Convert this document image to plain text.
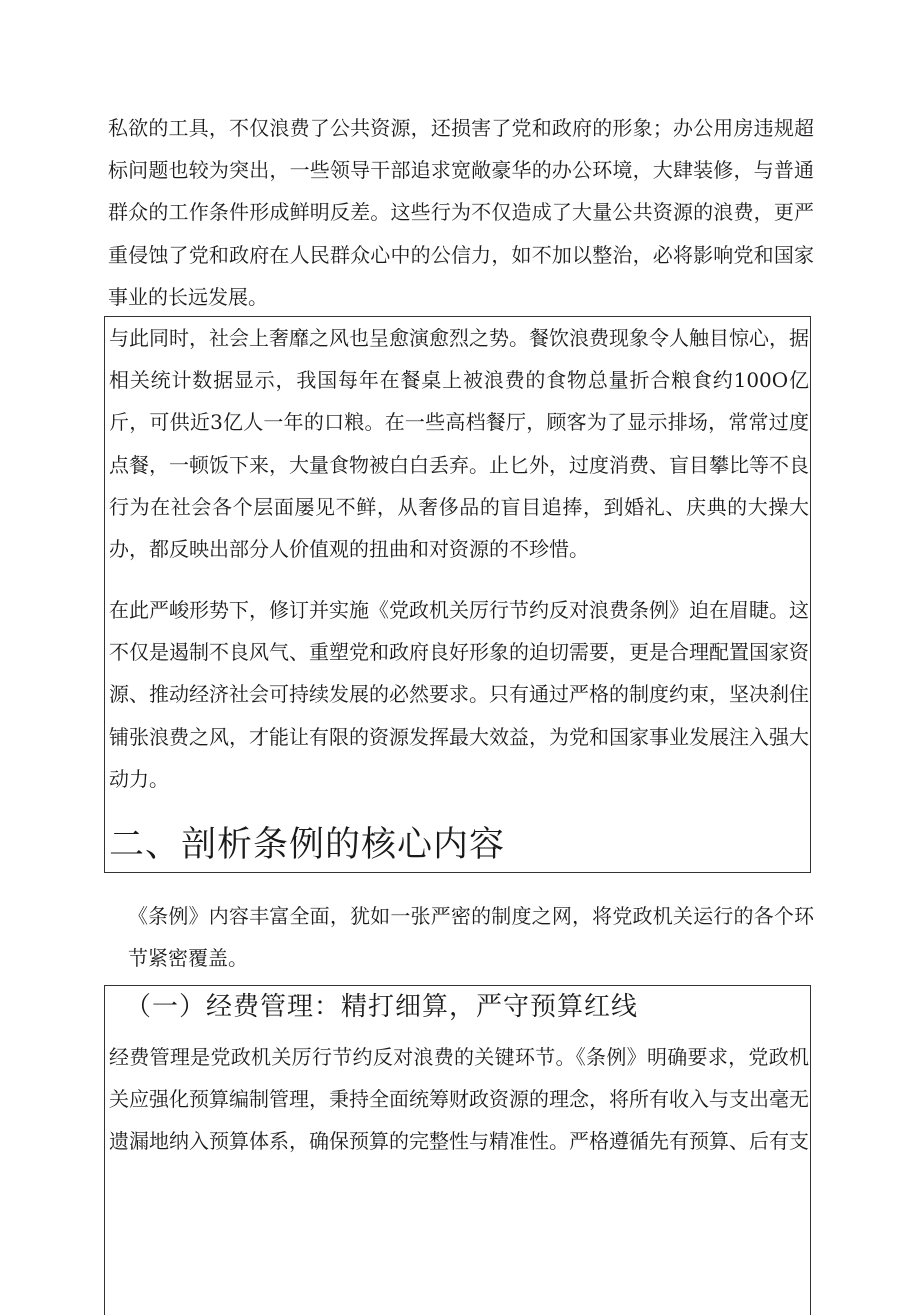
私欲的工具，不仅浪费了公共资源，还损害了党和政府的形象；办公用房违规超标问题也较为突出，一些领导干部追求宽敞豪华的办公环境，大肆装修，与普通群众的工作条件形成鲜明反差。这些行为不仅造成了大量公共资源的浪费，更严重侵蚀了党和政府在人民群众心中的公信力，如不加以整治，必将影响党和国家事业的长远发展。

与此同时，社会上奢靡之风也呈愈演愈烈之势。餐饮浪费现象令人触目惊心，据相关统计数据显示，我国每年在餐桌上被浪费的食物总量折合粮食约100O亿斤，可供近3亿人一年的口粮。在一些高档餐厅，顾客为了显示排场，常常过度点餐，一顿饭下来，大量食物被白白丢弃。止匕外，过度消费、盲目攀比等不良行为在社会各个层面屡见不鲜，从奢侈品的盲目追捧，到婚礼、庆典的大操大办，都反映出部分人价值观的扭曲和对资源的不珍惜。

在此严峻形势下，修订并实施《党政机关厉行节约反对浪费条例》迫在眉睫。这不仅是遏制不良风气、重塑党和政府良好形象的迫切需要，更是合理配置国家资源、推动经济社会可持续发展的必然要求。只有通过严格的制度约束，坚决刹住铺张浪费之风，才能让有限的资源发挥最大效益，为党和国家事业发展注入强大动力。

二、剖析条例的核心内容

《条例》内容丰富全面，犹如一张严密的制度之网，将党政机关运行的各个环节紧密覆盖。

（一）经费管理：精打细算，严守预算红线

经费管理是党政机关厉行节约反对浪费的关键环节。《条例》明确要求，党政机关应强化预算编制管理，秉持全面统筹财政资源的理念，将所有收入与支出毫无遗漏地纳入预算体系，确保预算的完整性与精准性。严格遵循先有预算、后有支
